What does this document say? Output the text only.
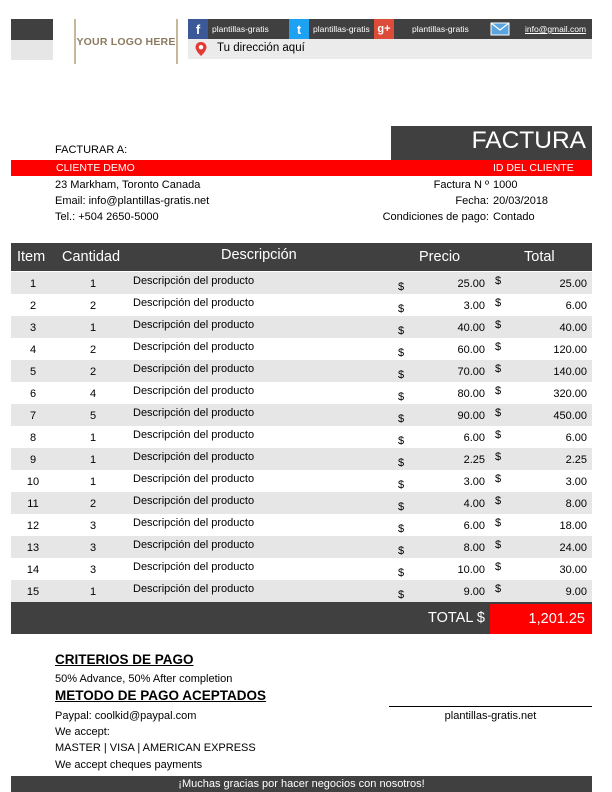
YOUR LOGO HERE
f	plantillas-gratis	t	plantillas-gratis g+	plantillas-gratis	info@gmail.com
Tu dirección aquí
FACTURAR A:	FACTURA
CLIENTE DEMO	ID DEL CLIENTE
23 Markham, Toronto Canada
Email: info@plantillas-gratis.net
Tel.: +504 2650-5000
Factura N º 1000
Fecha: 20/03/2018
Condiciones de pago: Contado
Item Cantidad	Descripción	Precio	Total
1	1	Descripción del producto	$	25.00 $	25.00
2	2	Descripción del producto	$	3.00 $	6.00
3	1	Descripción del producto	$	40.00 $	40.00
4	2	Descripción del producto	$	60.00 $	120.00
5	2	Descripción del producto	$	70.00 $	140.00
6	4	Descripción del producto	$	80.00 $	320.00
7	5	Descripción del producto	$	90.00 $	450.00
8	1	Descripción del producto	$	6.00 $	6.00
9	1	Descripción del producto	$	2.25 $	2.25
10	1	Descripción del producto	$	3.00 $	3.00
11	2	Descripción del producto	$	4.00 $	8.00
12	3	Descripción del producto	$	6.00 $	18.00
13	3	Descripción del producto	$	8.00 $	24.00
14	3	Descripción del producto	$	10.00 $	30.00
15	1	Descripción del producto	$	9.00 $	9.00
TOTAL $	1,201.25
CRITERIOS DE PAGO
50% Advance, 50% After completion
METODO DE PAGO ACEPTADOS
Paypal: coolkid@paypal.com
We accept:
MASTER | VISA | AMERICAN EXPRESS
We accept cheques payments
plantillas-gratis.net
¡Muchas gracias por hacer negocios con nosotros!
